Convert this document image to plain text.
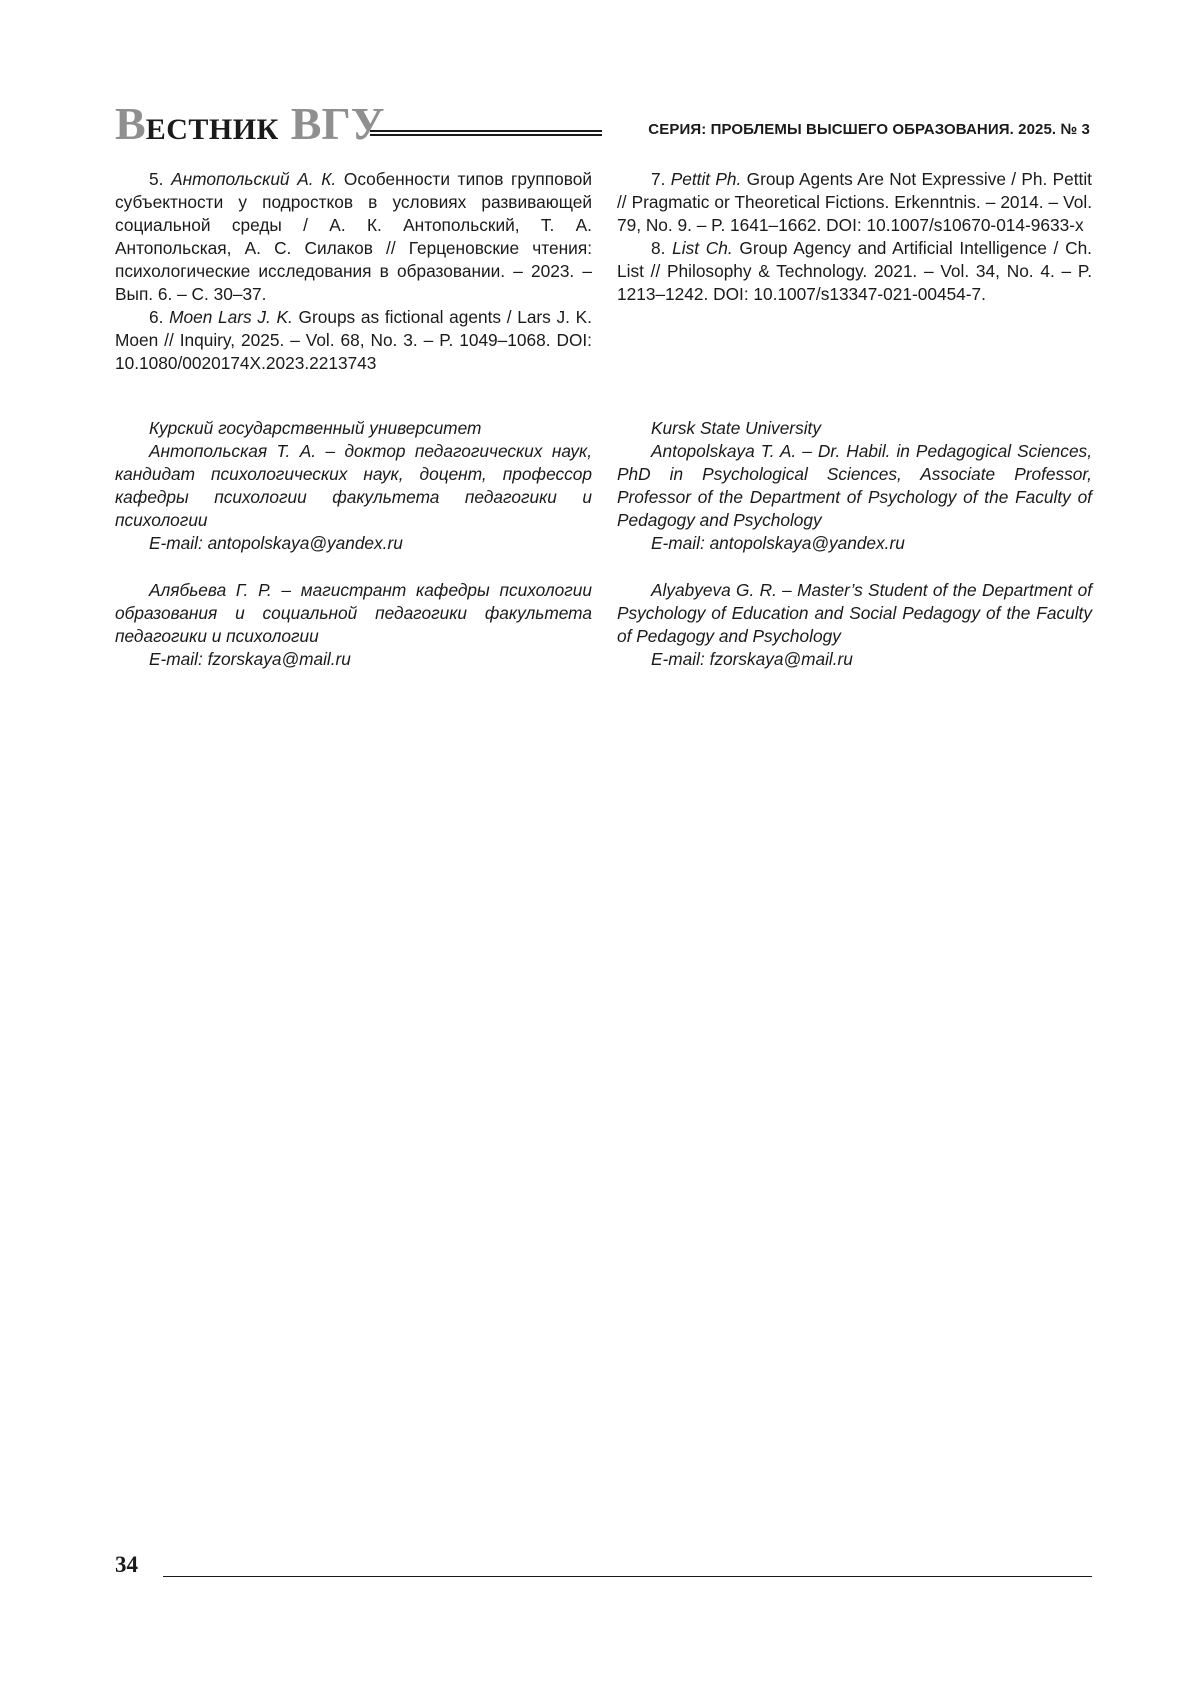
ВЕСТНИК ВГУ	СЕРИЯ: ПРОБЛЕМЫ ВЫСШЕГО ОБРАЗОВАНИЯ. 2025. № 3

5. Антопольский А. К. Особенности типов групповой субъектности у подростков в условиях развивающей социальной среды / А. К. Антопольский, Т. А. Антопольская, А. С. Силаков // Герценовские чтения: психологические исследования в образовании. – 2023. – Вып. 6. – С. 30–37.

6. Moen Lars J. K. Groups as fictional agents / Lars J. K. Moen // Inquiry, 2025. – Vol. 68, No. 3. – P. 1049–1068. DOI: 10.1080/0020174X.2023.2213743

7. Pettit Ph. Group Agents Are Not Expressive / Ph. Pettit // Pragmatic or Theoretical Fictions. Erkenntnis. – 2014. – Vol. 79, No. 9. – P. 1641–1662. DOI: 10.1007/s10670-014-9633-x

8. List Ch. Group Agency and Artificial Intelligence / Ch. List // Philosophy & Technology. 2021. – Vol. 34, No. 4. – P. 1213–1242. DOI: 10.1007/s13347-021-00454-7.

Курский государственный университет

Антопольская Т. А. – доктор педагогических наук, кандидат психологических наук, доцент, профессор кафедры психологии факультета педагогики и психологии

E-mail: antopolskaya@yandex.ru

Алябьева Г. Р. – магистрант кафедры психологии образования и социальной педагогики факультета педагогики и психологии

E-mail: fzorskaya@mail.ru

Kursk State University

Antopolskaya T. A. – Dr. Habil. in Pedagogical Sciences, PhD in Psychological Sciences, Associate Professor, Professor of the Department of Psychology of the Faculty of Pedagogy and Psychology

E-mail: antopolskaya@yandex.ru

Alyabyeva G. R. – Master’s Student of the Department of Psychology of Education and Social Pedagogy of the Faculty of Pedagogy and Psychology

E-mail: fzorskaya@mail.ru

34
